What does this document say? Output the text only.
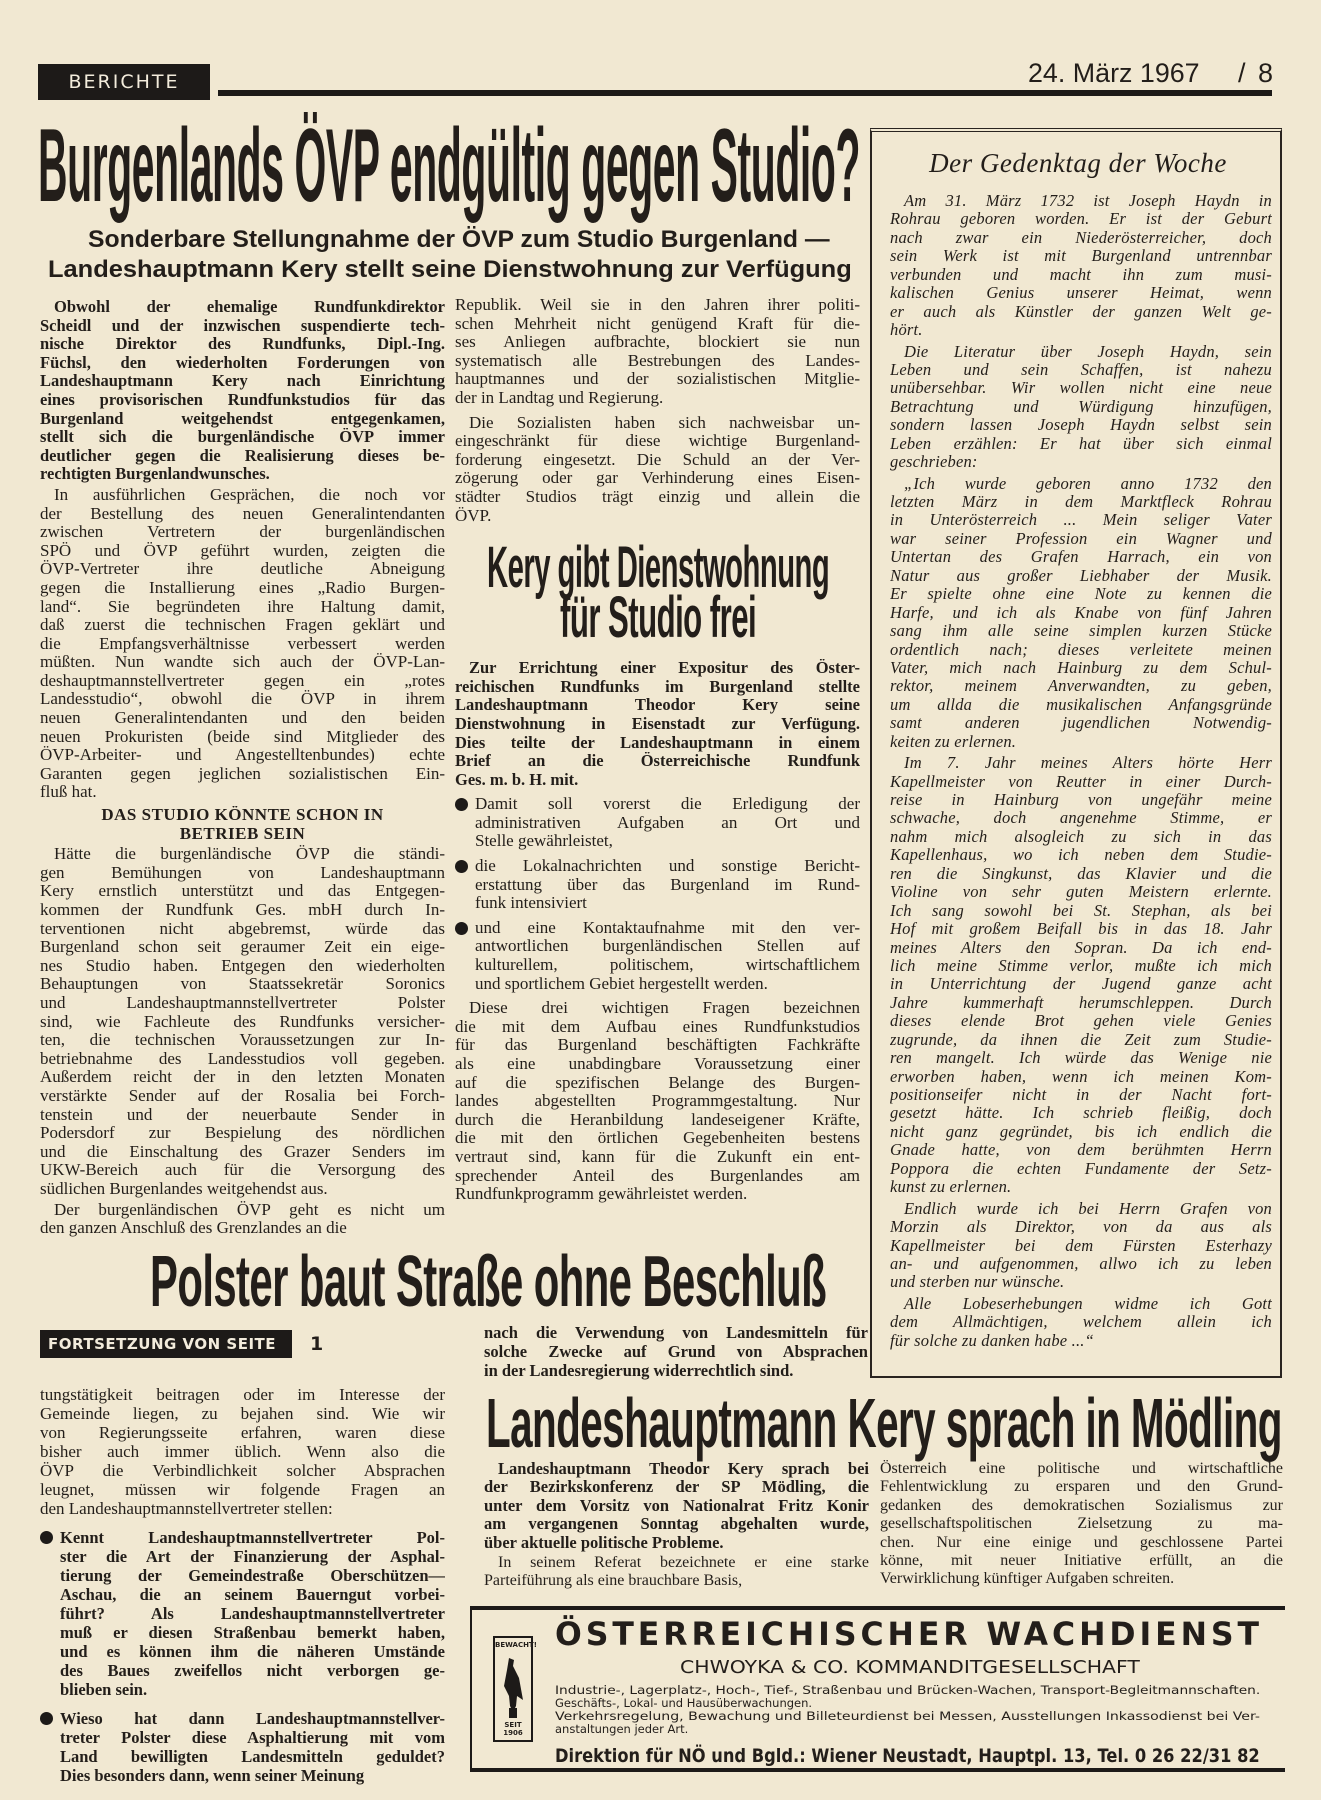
BERICHTE	24. März 1967 / 8
Burgenlands ÖVP endgültig gegen Studio?
Sonderbare Stellungnahme der ÖVP zum Studio Burgenland —
Landeshauptmann Kery stellt seine Dienstwohnung zur Verfügung
Obwohl der ehemalige Rundfunkdirektor
Scheidl und der inzwischen suspendierte tech-
nische Direktor des Rundfunks, Dipl.-Ing.
Füchsl, den wiederholten Forderungen von
Landeshauptmann Kery nach Einrichtung
eines provisorischen Rundfunkstudios für das
Burgenland weitgehendst entgegenkamen,
stellt sich die burgenländische ÖVP immer
deutlicher gegen die Realisierung dieses be-
rechtigten Burgenlandwunsches.
In ausführlichen Gesprächen, die noch vor
der Bestellung des neuen Generalintendanten
zwischen Vertretern der burgenländischen
SPÖ und ÖVP geführt wurden, zeigten die
ÖVP-Vertreter ihre deutliche Abneigung
gegen die Installierung eines „Radio Burgen-
land“. Sie begründeten ihre Haltung damit,
daß zuerst die technischen Fragen geklärt und
die Empfangsverhältnisse verbessert werden
müßten. Nun wandte sich auch der ÖVP-Lan-
deshauptmannstellvertreter gegen ein „rotes
Landesstudio“, obwohl die ÖVP in ihrem
neuen Generalintendanten und den beiden
neuen Prokuristen (beide sind Mitglieder des
ÖVP-Arbeiter- und Angestelltenbundes) echte
Garanten gegen jeglichen sozialistischen Ein-
fluß hat.
DAS STUDIO KÖNNTE SCHON IN
BETRIEB SEIN
Hätte die burgenländische ÖVP die ständi-
gen Bemühungen von Landeshauptmann
Kery ernstlich unterstützt und das Entgegen-
kommen der Rundfunk Ges. mbH durch In-
terventionen nicht abgebremst, würde das
Burgenland schon seit geraumer Zeit ein eige-
nes Studio haben. Entgegen den wiederholten
Behauptungen von Staatssekretär Soronics
und Landeshauptmannstellvertreter Polster
sind, wie Fachleute des Rundfunks versicher-
ten, die technischen Voraussetzungen zur In-
betriebnahme des Landesstudios voll gegeben.
Außerdem reicht der in den letzten Monaten
verstärkte Sender auf der Rosalia bei Forch-
tenstein und der neuerbaute Sender in
Podersdorf zur Bespielung des nördlichen
und die Einschaltung des Grazer Senders im
UKW-Bereich auch für die Versorgung des
südlichen Burgenlandes weitgehendst aus.
Der burgenländischen ÖVP geht es nicht um
den ganzen Anschluß des Grenzlandes an die
Republik. Weil sie in den Jahren ihrer politi-
schen Mehrheit nicht genügend Kraft für die-
ses Anliegen aufbrachte, blockiert sie nun
systematisch alle Bestrebungen des Landes-
hauptmannes und der sozialistischen Mitglie-
der in Landtag und Regierung.
Die Sozialisten haben sich nachweisbar un-
eingeschränkt für diese wichtige Burgenland-
forderung eingesetzt. Die Schuld an der Ver-
zögerung oder gar Verhinderung eines Eisen-
städter Studios trägt einzig und allein die
ÖVP.
Kery gibt Dienstwohnung
für Studio frei
Zur Errichtung einer Expositur des Öster-
reichischen Rundfunks im Burgenland stellte
Landeshauptmann Theodor Kery seine
Dienstwohnung in Eisenstadt zur Verfügung.
Dies teilte der Landeshauptmann in einem
Brief an die Österreichische Rundfunk
Ges. m. b. H. mit.
Damit soll vorerst die Erledigung der
administrativen Aufgaben an Ort und
Stelle gewährleistet,
die Lokalnachrichten und sonstige Bericht-
erstattung über das Burgenland im Rund-
funk intensiviert
und eine Kontaktaufnahme mit den ver-
antwortlichen burgenländischen Stellen auf
kulturellem, politischem, wirtschaftlichem
und sportlichem Gebiet hergestellt werden.
Diese drei wichtigen Fragen bezeichnen
die mit dem Aufbau eines Rundfunkstudios
für das Burgenland beschäftigten Fachkräfte
als eine unabdingbare Voraussetzung einer
auf die spezifischen Belange des Burgen-
landes abgestellten Programmgestaltung. Nur
durch die Heranbildung landeseigener Kräfte,
die mit den örtlichen Gegebenheiten bestens
vertraut sind, kann für die Zukunft ein ent-
sprechender Anteil des Burgenlandes am
Rundfunkprogramm gewährleistet werden.
Der Gedenktag der Woche
Am 31. März 1732 ist Joseph Haydn in
Rohrau geboren worden. Er ist der Geburt
nach zwar ein Niederösterreicher, doch
sein Werk ist mit Burgenland untrennbar
verbunden und macht ihn zum musi-
kalischen Genius unserer Heimat, wenn
er auch als Künstler der ganzen Welt ge-
hört.
Die Literatur über Joseph Haydn, sein
Leben und sein Schaffen, ist nahezu
unübersehbar. Wir wollen nicht eine neue
Betrachtung und Würdigung hinzufügen,
sondern lassen Joseph Haydn selbst sein
Leben erzählen: Er hat über sich einmal
geschrieben:
„Ich wurde geboren anno 1732 den
letzten März in dem Marktfleck Rohrau
in Unterösterreich ... Mein seliger Vater
war seiner Profession ein Wagner und
Untertan des Grafen Harrach, ein von
Natur aus großer Liebhaber der Musik.
Er spielte ohne eine Note zu kennen die
Harfe, und ich als Knabe von fünf Jahren
sang ihm alle seine simplen kurzen Stücke
ordentlich nach; dieses verleitete meinen
Vater, mich nach Hainburg zu dem Schul-
rektor, meinem Anverwandten, zu geben,
um allda die musikalischen Anfangsgründe
samt anderen jugendlichen Notwendig-
keiten zu erlernen.
Im 7. Jahr meines Alters hörte Herr
Kapellmeister von Reutter in einer Durch-
reise in Hainburg von ungefähr meine
schwache, doch angenehme Stimme, er
nahm mich alsogleich zu sich in das
Kapellenhaus, wo ich neben dem Studie-
ren die Singkunst, das Klavier und die
Violine von sehr guten Meistern erlernte.
Ich sang sowohl bei St. Stephan, als bei
Hof mit großem Beifall bis in das 18. Jahr
meines Alters den Sopran. Da ich end-
lich meine Stimme verlor, mußte ich mich
in Unterrichtung der Jugend ganze acht
Jahre kummerhaft herumschleppen. Durch
dieses elende Brot gehen viele Genies
zugrunde, da ihnen die Zeit zum Studie-
ren mangelt. Ich würde das Wenige nie
erworben haben, wenn ich meinen Kom-
positionseifer nicht in der Nacht fort-
gesetzt hätte. Ich schrieb fleißig, doch
nicht ganz gegründet, bis ich endlich die
Gnade hatte, von dem berühmten Herrn
Poppora die echten Fundamente der Setz-
kunst zu erlernen.
Endlich wurde ich bei Herrn Grafen von
Morzin als Direktor, von da aus als
Kapellmeister bei dem Fürsten Esterhazy
an- und aufgenommen, allwo ich zu leben
und sterben nur wünsche.
Alle Lobeserhebungen widme ich Gott
dem Allmächtigen, welchem allein ich
für solche zu danken habe ...“
Polster baut Straße ohne Beschluß
FORTSETZUNG VON SEITE	1
tungstätigkeit beitragen oder im Interesse der
Gemeinde liegen, zu bejahen sind. Wie wir
von Regierungsseite erfahren, waren diese
bisher auch immer üblich. Wenn also die
ÖVP die Verbindlichkeit solcher Absprachen
leugnet, müssen wir folgende Fragen an
den Landeshauptmannstellvertreter stellen:
Kennt Landeshauptmannstellvertreter Pol-
ster die Art der Finanzierung der Asphal-
tierung der Gemeindestraße Oberschützen—
Aschau, die an seinem Bauerngut vorbei-
führt? Als Landeshauptmannstellvertreter
muß er diesen Straßenbau bemerkt haben,
und es können ihm die näheren Umstände
des Baues zweifellos nicht verborgen ge-
blieben sein.
Wieso hat dann Landeshauptmannstellver-
treter Polster diese Asphaltierung mit vom
Land bewilligten Landesmitteln geduldet?
Dies besonders dann, wenn seiner Meinung
nach die Verwendung von Landesmitteln für
solche Zwecke auf Grund von Absprachen
in der Landesregierung widerrechtlich sind.
Landeshauptmann Kery sprach in Mödling
Landeshauptmann Theodor Kery sprach bei
der Bezirkskonferenz der SP Mödling, die
unter dem Vorsitz von Nationalrat Fritz Konir
am vergangenen Sonntag abgehalten wurde,
über aktuelle politische Probleme.
In seinem Referat bezeichnete er eine starke
Parteiführung als eine brauchbare Basis,
Österreich eine politische und wirtschaftliche
Fehlentwicklung zu ersparen und den Grund-
gedanken des demokratischen Sozialismus zur
gesellschaftspolitischen Zielsetzung zu ma-
chen. Nur eine einige und geschlossene Partei
könne, mit neuer Initiative erfüllt, an die
Verwirklichung künftiger Aufgaben schreiten.
BEWACHT!
SEIT 1906
ÖSTERREICHISCHER WACHDIENST
CHWOYKA & CO. KOMMANDITGESELLSCHAFT
Industrie-, Lagerplatz-, Hoch-, Tief-, Straßenbau und Brücken-Wachen, Transport-Begleitmannschaften.
Geschäfts-, Lokal- und Hausüberwachungen.
Verkehrsregelung, Bewachung und Billeteurdienst bei Messen, Ausstellungen Inkassodienst bei Ver-
anstaltungen jeder Art.
Direktion für NÖ und Bgld.: Wiener Neustadt, Hauptpl. 13, Tel. 0 26 22/31 82
